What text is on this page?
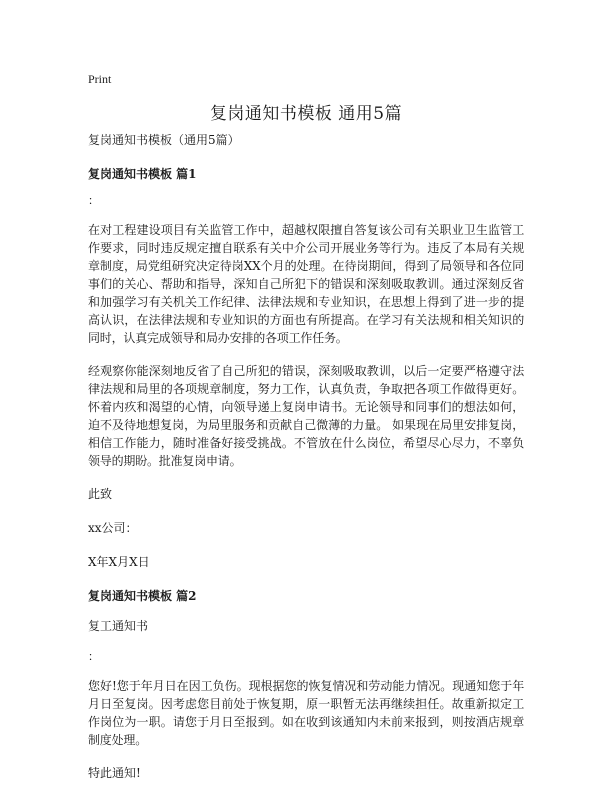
Print
复岗通知书模板 通用5篇

复岗通知书模板（通用5篇）

复岗通知书模板 篇1

：

在对工程建设项目有关监管工作中，超越权限擅自答复该公司有关职业卫生监管工作要求，同时违反规定擅自联系有关中介公司开展业务等行为。违反了本局有关规章制度，局党组研究决定待岗XX个月的处理。在待岗期间，得到了局领导和各位同事们的关心、帮助和指导，深知自己所犯下的错误和深刻吸取教训。通过深刻反省和加强学习有关机关工作纪律、法律法规和专业知识，在思想上得到了进一步的提高认识，在法律法规和专业知识的方面也有所提高。在学习有关法规和相关知识的同时，认真完成领导和局办安排的各项工作任务。

经观察你能深刻地反省了自己所犯的错误，深刻吸取教训，以后一定要严格遵守法律法规和局里的各项规章制度，努力工作，认真负责，争取把各项工作做得更好。怀着内疚和渴望的心情，向领导递上复岗申请书。无论领导和同事们的想法如何，迫不及待地想复岗，为局里服务和贡献自己微薄的力量。 如果现在局里安排复岗，相信工作能力，随时准备好接受挑战。不管放在什么岗位，希望尽心尽力，不辜负领导的期盼。批准复岗申请。

此致

xx公司：

X年X月X日

复岗通知书模板 篇2

复工通知书

：

您好!您于年月日在因工负伤。现根据您的恢复情况和劳动能力情况。现通知您于年月日至复岗。因考虑您目前处于恢复期，原一职暂无法再继续担任。故重新拟定工作岗位为一职。请您于月日至报到。如在收到该通知内未前来报到，则按酒店规章制度处理。

特此通知!
